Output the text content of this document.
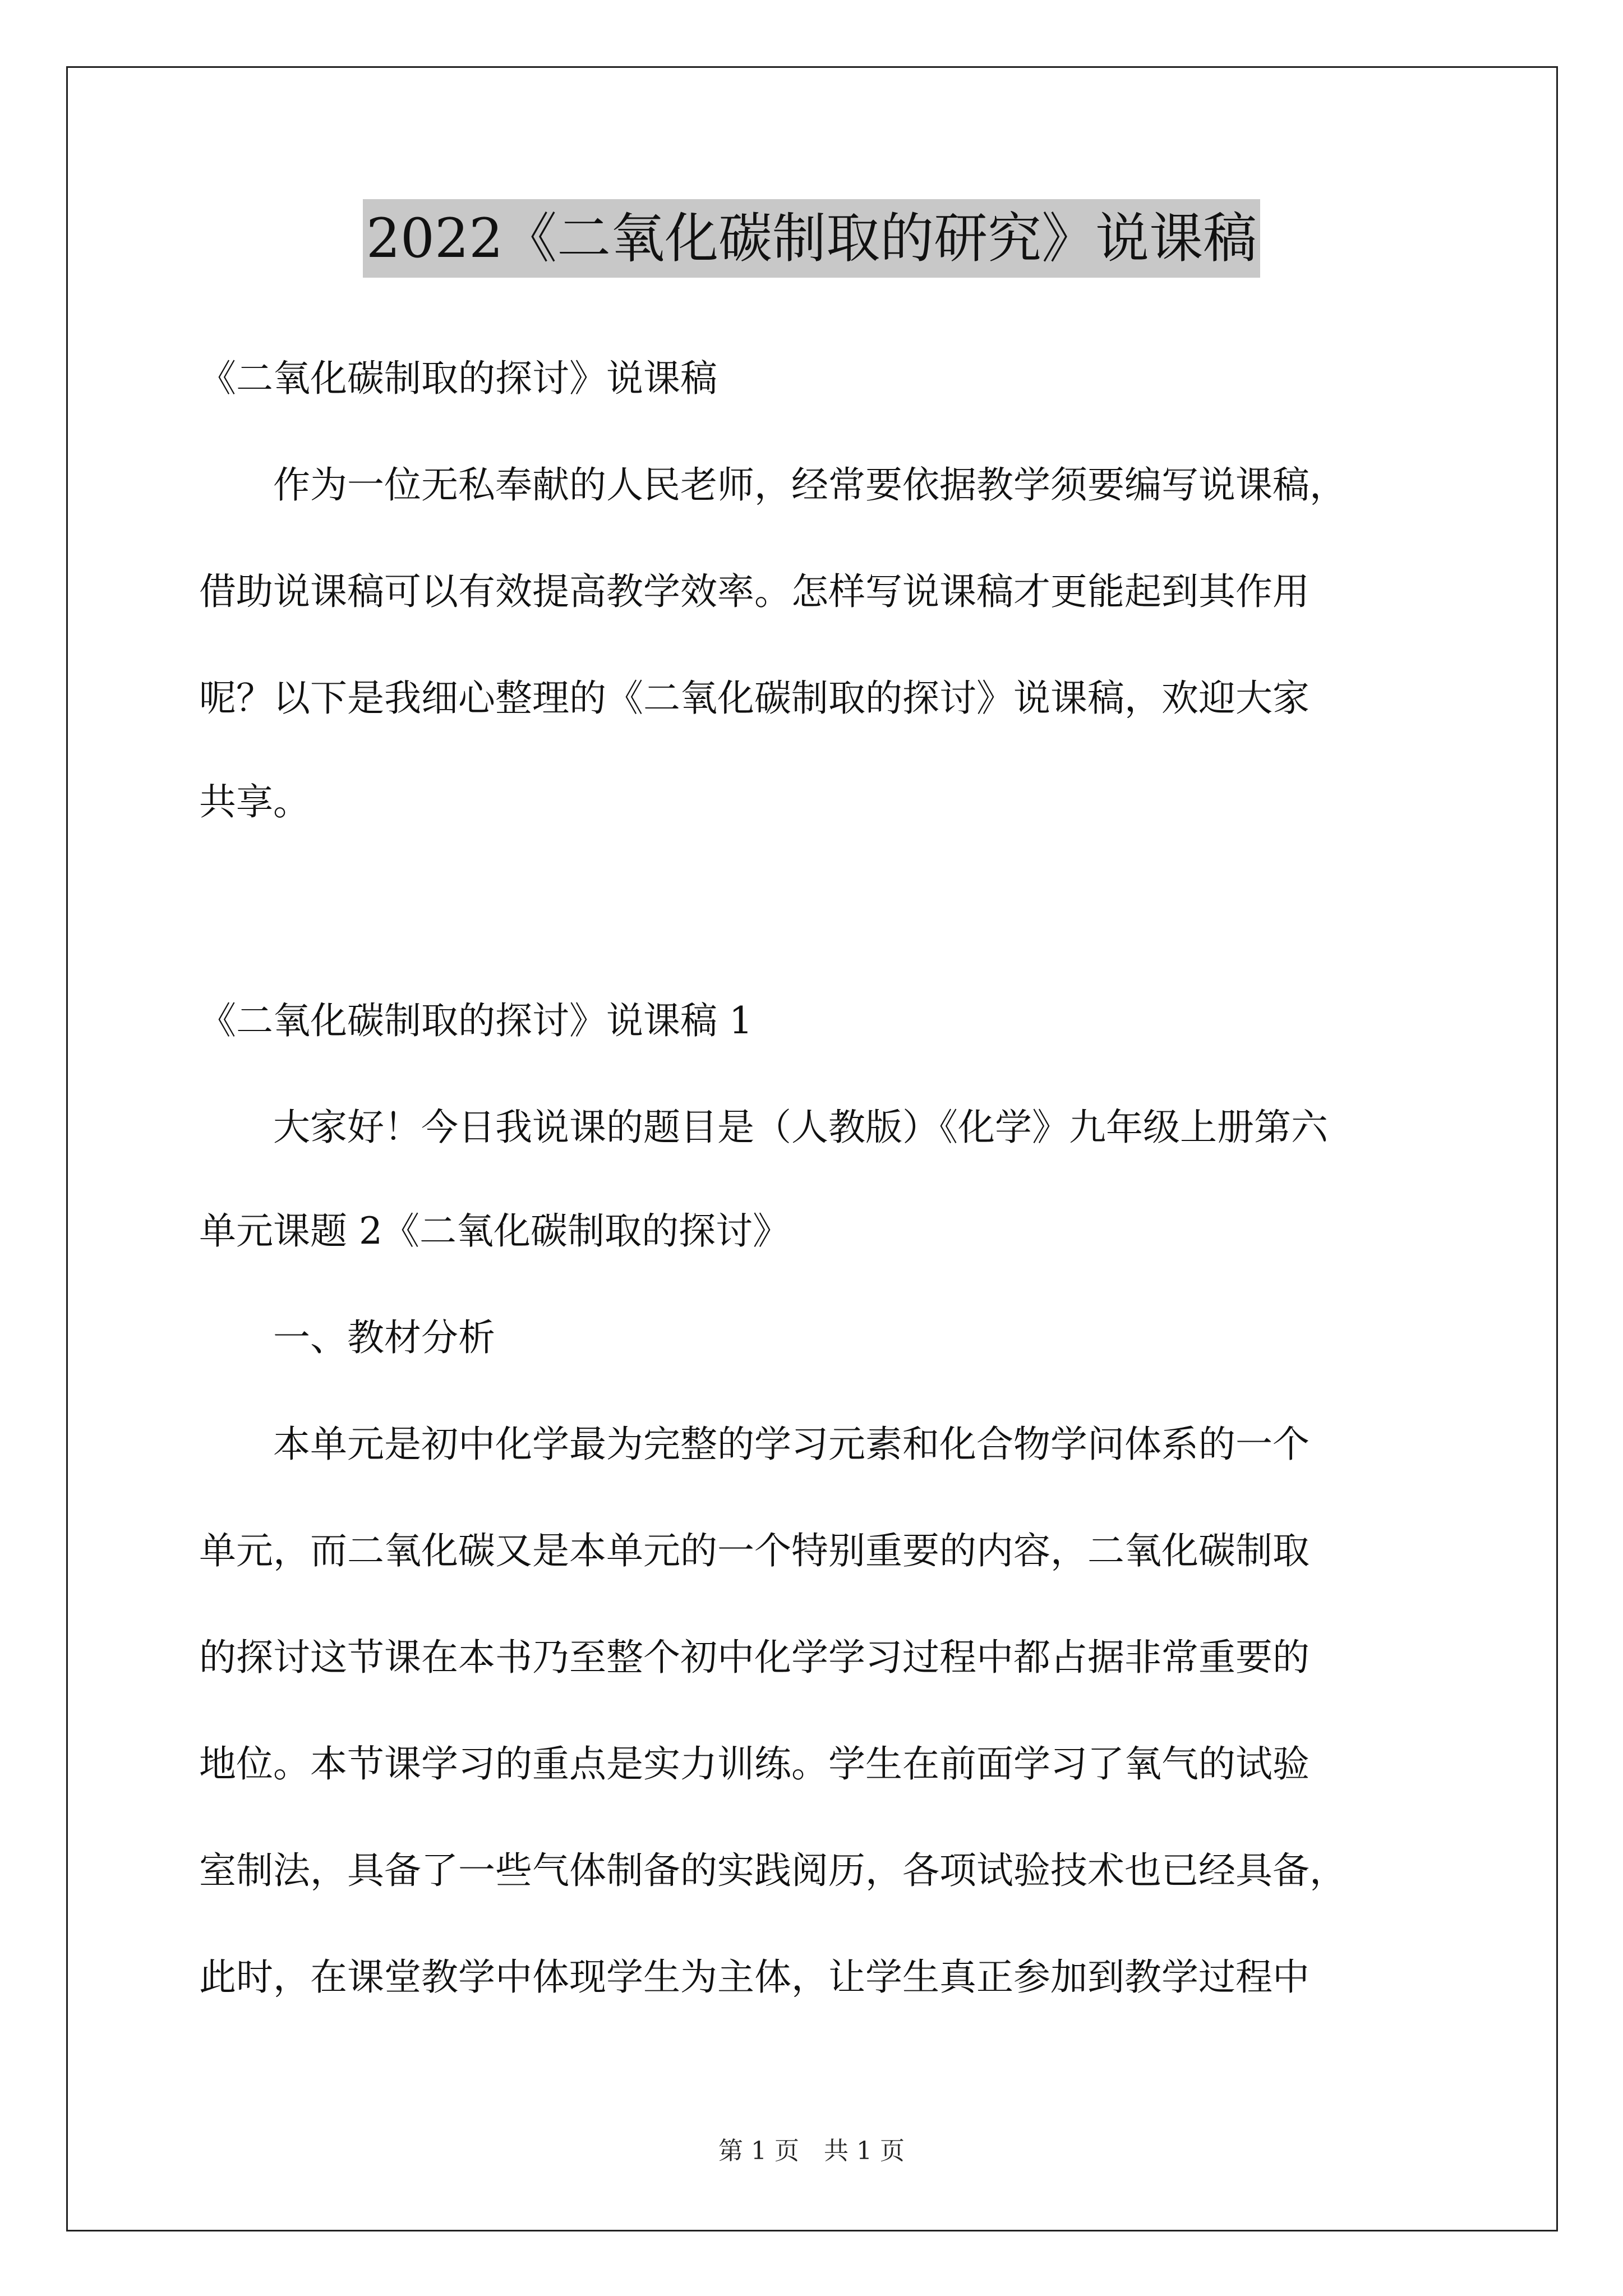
2022《二氧化碳制取的研究》说课稿
《二氧化碳制取的探讨》说课稿
　　作为一位无私奉献的人民老师，经常要依据教学须要编写说课稿，
借助说课稿可以有效提高教学效率。怎样写说课稿才更能起到其作用
呢？以下是我细心整理的《二氧化碳制取的探讨》说课稿，欢迎大家
共享。
《二氧化碳制取的探讨》说课稿 1
　　大家好！今日我说课的题目是（人教版）《化学》九年级上册第六
单元课题 2《二氧化碳制取的探讨》
　　一、教材分析
　　本单元是初中化学最为完整的学习元素和化合物学问体系的一个
单元，而二氧化碳又是本单元的一个特别重要的内容，二氧化碳制取
的探讨这节课在本书乃至整个初中化学学习过程中都占据非常重要的
地位。本节课学习的重点是实力训练。学生在前面学习了氧气的试验
室制法，具备了一些气体制备的实践阅历，各项试验技术也已经具备，
此时，在课堂教学中体现学生为主体，让学生真正参加到教学过程中
第 1 页　共 1 页
